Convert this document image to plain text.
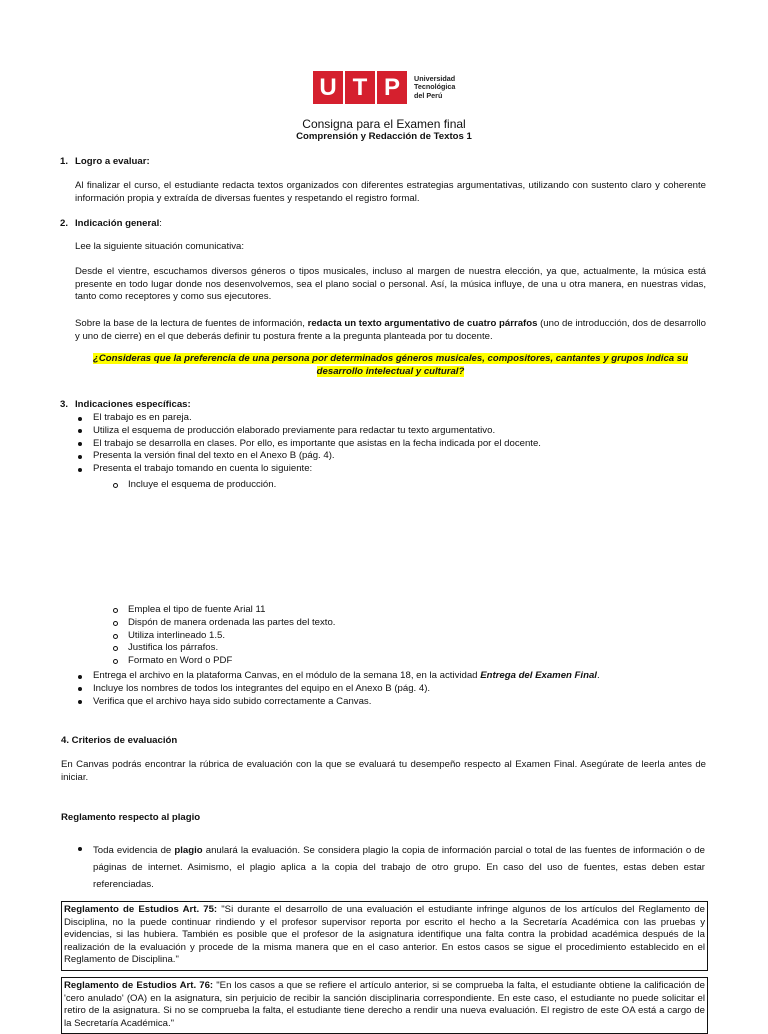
U T P	Universidad
Tecnológica
del Perú
Consigna para el Examen final
Comprensión y Redacción de Textos 1
1. Logro a evaluar:
Al finalizar el curso, el estudiante redacta textos organizados con diferentes estrategias argumentativas, utilizando con sustento claro y coherente información propia y extraída de diversas fuentes y respetando el registro formal.
2. Indicación general:
Lee la siguiente situación comunicativa:
Desde el vientre, escuchamos diversos géneros o tipos musicales, incluso al margen de nuestra elección, ya que, actualmente, la música está presente en todo lugar donde nos desenvolvemos, sea el plano social o personal. Así, la música influye, de una u otra manera, en nuestras vidas, tanto como receptores y como sus ejecutores.
Sobre la base de la lectura de fuentes de información, redacta un texto argumentativo de cuatro párrafos (uno de introducción, dos de desarrollo y uno de cierre) en el que deberás definir tu postura frente a la pregunta planteada por tu docente.
¿Consideras que la preferencia de una persona por determinados géneros musicales, compositores, cantantes y grupos indica su
desarrollo intelectual y cultural?
3. Indicaciones específicas:
El trabajo es en pareja.
Utiliza el esquema de producción elaborado previamente para redactar tu texto argumentativo.
El trabajo se desarrolla en clases. Por ello, es importante que asistas en la fecha indicada por el docente.
Presenta la versión final del texto en el Anexo B (pág. 4).
Presenta el trabajo tomando en cuenta lo siguiente:
Incluye el esquema de producción.
Emplea el tipo de fuente Arial 11
Dispón de manera ordenada las partes del texto.
Utiliza interlineado 1.5.
Justifica los párrafos.
Formato en Word o PDF
Entrega el archivo en la plataforma Canvas, en el módulo de la semana 18, en la actividad Entrega del Examen Final.
Incluye los nombres de todos los integrantes del equipo en el Anexo B (pág. 4).
Verifica que el archivo haya sido subido correctamente a Canvas.
4. Criterios de evaluación
En Canvas podrás encontrar la rúbrica de evaluación con la que se evaluará tu desempeño respecto al Examen Final. Asegúrate de leerla antes de iniciar.
Reglamento respecto al plagio
Toda evidencia de plagio anulará la evaluación. Se considera plagio la copia de información parcial o total de las fuentes de información o de páginas de internet. Asimismo, el plagio aplica a la copia del trabajo de otro grupo. En caso del uso de fuentes, estas deben estar referenciadas.
Reglamento de Estudios Art. 75: "Si durante el desarrollo de una evaluación el estudiante infringe algunos de los artículos del Reglamento de Disciplina, no la puede continuar rindiendo y el profesor supervisor reporta por escrito el hecho a la Secretaría Académica con las pruebas y evidencias, si las hubiera. También es posible que el profesor de la asignatura identifique una falta contra la probidad académica después de la realización de la evaluación y procede de la misma manera que en el caso anterior. En estos casos se sigue el procedimiento establecido en el Reglamento de Disciplina."
Reglamento de Estudios Art. 76: "En los casos a que se refiere el artículo anterior, si se comprueba la falta, el estudiante obtiene la calificación de 'cero anulado' (OA) en la asignatura, sin perjuicio de recibir la sanción disciplinaria correspondiente. En este caso, el estudiante no puede solicitar el retiro de la asignatura. Si no se comprueba la falta, el estudiante tiene derecho a rendir una nueva evaluación. El registro de este OA está a cargo de la Secretaría Académica."
